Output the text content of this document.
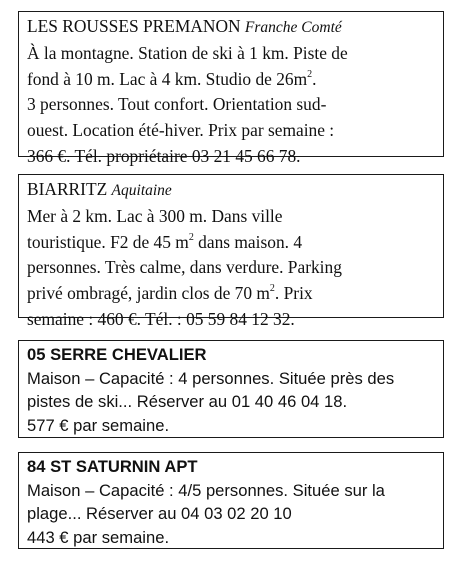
LES ROUSSES PREMANON Franche Comté
À la montagne. Station de ski à 1 km. Piste de
fond à 10 m. Lac à 4 km. Studio de $26m^2$.
3 personnes. Tout confort. Orientation sud-
ouest. Location été-hiver. Prix par semaine :
366 €. Tél. propriétaire 03 21 45 66 78.
BIARRITZ Aquitaine
Mer à 2 km. Lac à 300 m. Dans ville
touristique. F2 de 45 $m^2$ dans maison. 4
personnes. Très calme, dans verdure. Parking
privé ombragé, jardin clos de 70 $m^2$. Prix
semaine : 460 €. Tél. : 05 59 84 12 32.
05 SERRE CHEVALIER
Maison – Capacité : 4 personnes. Située près des
pistes de ski... Réserver au 01 40 46 04 18.
577 € par semaine.
84 ST SATURNIN APT
Maison – Capacité : 4/5 personnes. Située sur la
plage... Réserver au 04 03 02 20 10
443 € par semaine.
